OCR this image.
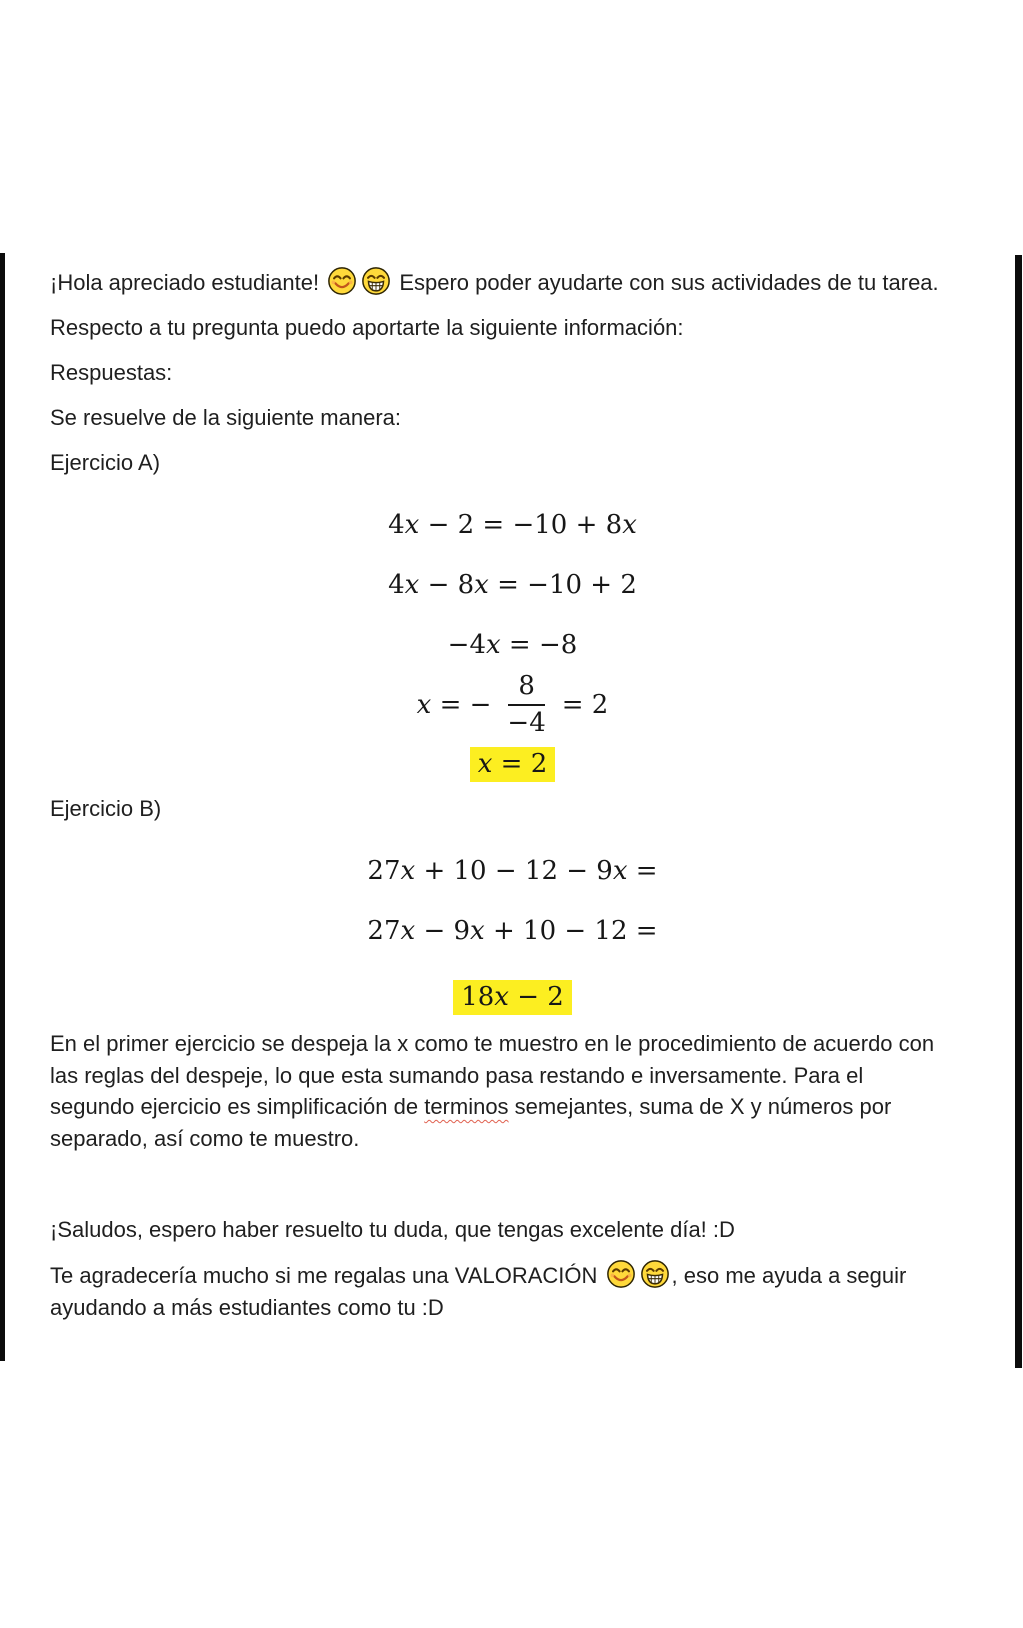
¡Hola apreciado estudiante!	Espero poder ayudarte con sus actividades de tu tarea.

Respecto a tu pregunta puedo aportarte la siguiente información:

Respuestas:

Se resuelve de la siguiente manera:

Ejercicio A)

4x − 2 = −10 + 8x
4x − 8x = −10 + 2
−4x = −8
x = − $\frac{8}{-4} = 2$
x = 2

Ejercicio B)

27x + 10 − 12 − 9x =
27x − 9x + 10 − 12 =
18x − 2

En el primer ejercicio se despeja la x como te muestro en le procedimiento de acuerdo con las reglas del despeje, lo que esta sumando pasa restando e inversamente. Para el segundo ejercicio es simplificación de terminos semejantes, suma de X y números por separado, así como te muestro.

¡Saludos, espero haber resuelto tu duda, que tengas excelente día! :D

Te agradecería mucho si me regalas una VALORACIÓN	, eso me ayuda a seguir ayudando a más estudiantes como tu :D
